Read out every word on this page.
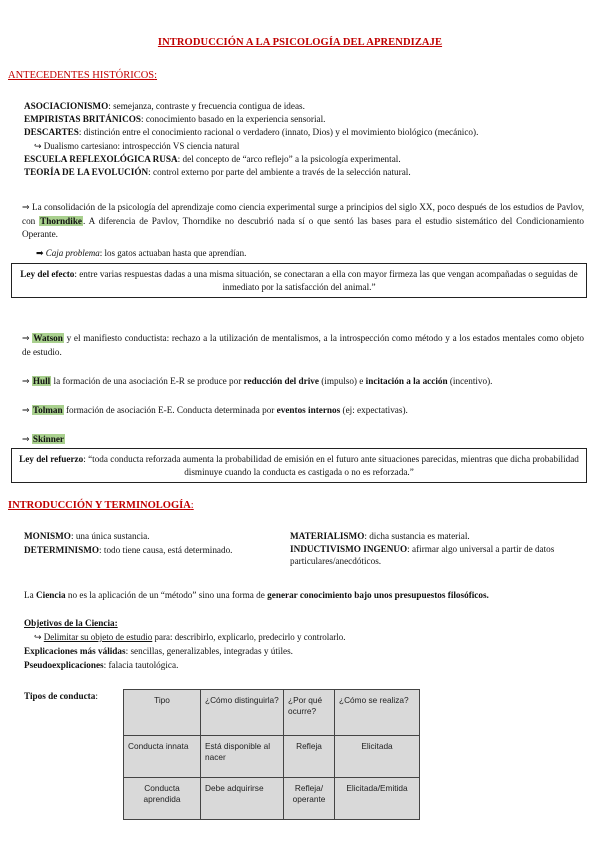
INTRODUCCIÓN A LA PSICOLOGÍA DEL APRENDIZAJE
ANTECEDENTES HISTÓRICOS:
ASOCIACIONISMO: semejanza, contraste y frecuencia contigua de ideas.
EMPIRISTAS BRITÁNICOS: conocimiento basado en la experiencia sensorial.
DESCARTES: distinción entre el conocimiento racional o verdadero (innato, Dios) y el movimiento biológico (mecánico).
↪ Dualismo cartesiano: introspección VS ciencia natural
ESCUELA REFLEXOLÓGICA RUSA: del concepto de “arco reflejo” a la psicología experimental.
TEORÍA DE LA EVOLUCIÓN: control externo por parte del ambiente a través de la selección natural.
⇒ La consolidación de la psicología del aprendizaje como ciencia experimental surge a principios del siglo XX, poco después de los estudios de Pavlov, con Thorndike. A diferencia de Pavlov, Thorndike no descubrió nada sí o que sentó las bases para el estudio sistemático del Condicionamiento Operante.
➡ Caja problema: los gatos actuaban hasta que aprendían.
Ley del efecto: entre varias respuestas dadas a una misma situación, se conectaran a ella con mayor firmeza las que vengan acompañadas o seguidas de inmediato por la satisfacción del animal.”
⇒ Watson y el manifiesto conductista: rechazo a la utilización de mentalismos, a la introspección como método y a los estados mentales como objeto de estudio.
⇒ Hull la formación de una asociación E-R se produce por reducción del drive (impulso) e incitación a la acción (incentivo).
⇒ Tolman formación de asociación E-E. Conducta determinada por eventos internos (ej: expectativas).
⇒ Skinner
Ley del refuerzo: “toda conducta reforzada aumenta la probabilidad de emisión en el futuro ante situaciones parecidas, mientras que dicha probabilidad disminuye cuando la conducta es castigada o no es reforzada.”
INTRODUCCIÓN Y TERMINOLOGÍA:
MONISMO: una única sustancia.
DETERMINISMO: todo tiene causa, está determinado.
MATERIALISMO: dicha sustancia es material.
INDUCTIVISMO INGENUO: afirmar algo universal a partir de datos particulares/anecdóticos.
La Ciencia no es la aplicación de un “método” sino una forma de generar conocimiento bajo unos presupuestos filosóficos.
Objetivos de la Ciencia:
↪ Delimitar su objeto de estudio para: describirlo, explicarlo, predecirlo y controlarlo.
Explicaciones más válidas: sencillas, generalizables, integradas y útiles.
Pseudoexplicaciones: falacia tautológica.
Tipos de conducta:	Tipo	¿Cómo distinguirla?	¿Por qué ocurre?	¿Cómo se realiza?
Conducta innata	Está disponible al nacer	Refleja	Elicitada
Conducta aprendida	Debe adquirirse	Refleja/ operante	Elicitada/Emitida
